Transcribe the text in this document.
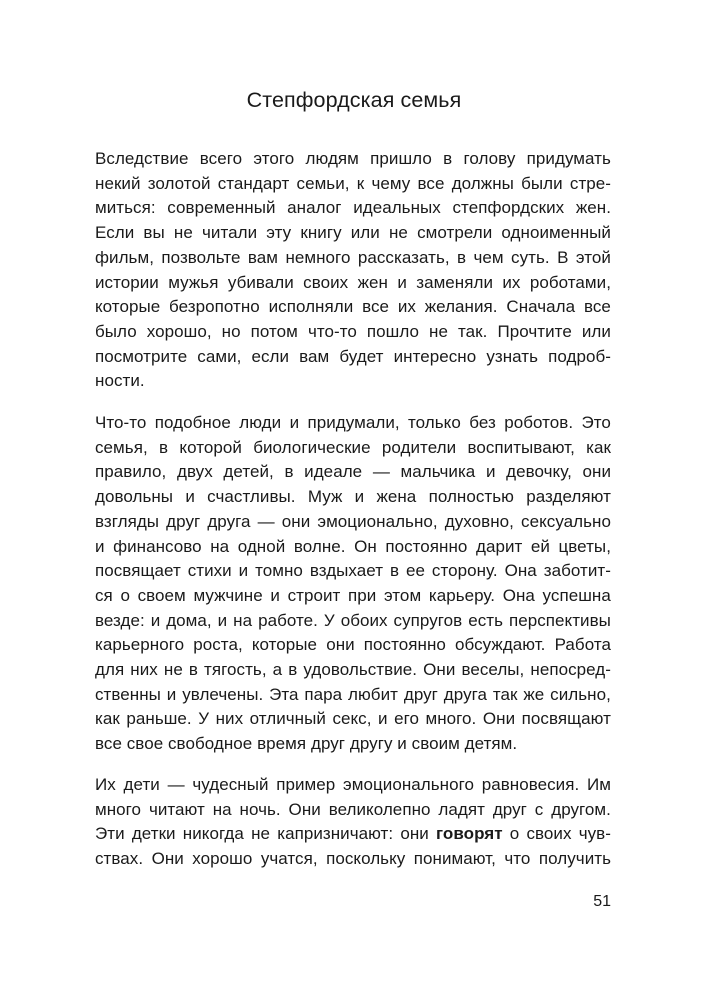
Степфордская семья
Вследствие всего этого людям пришло в голову придумать
некий золотой стандарт семьи, к чему все должны были стре-
миться: современный аналог идеальных степфордских жен.
Если вы не читали эту книгу или не смотрели одноименный
фильм, позвольте вам немного рассказать, в чем суть. В этой
истории мужья убивали своих жен и заменяли их роботами,
которые безропотно исполняли все их желания. Сначала все
было хорошо, но потом что-то пошло не так. Прочтите или
посмотрите сами, если вам будет интересно узнать подроб-
ности.
Что-то подобное люди и придумали, только без роботов. Это
семья, в которой биологические родители воспитывают, как
правило, двух детей, в идеале — мальчика и девочку, они
довольны и счастливы. Муж и жена полностью разделяют
взгляды друг друга — они эмоционально, духовно, сексуально
и финансово на одной волне. Он постоянно дарит ей цветы,
посвящает стихи и томно вздыхает в ее сторону. Она заботит-
ся о своем мужчине и строит при этом карьеру. Она успешна
везде: и дома, и на работе. У обоих супругов есть перспективы
карьерного роста, которые они постоянно обсуждают. Работа
для них не в тягость, а в удовольствие. Они веселы, непосред-
ственны и увлечены. Эта пара любит друг друга так же сильно,
как раньше. У них отличный секс, и его много. Они посвящают
все свое свободное время друг другу и своим детям.
Их дети — чудесный пример эмоционального равновесия. Им
много читают на ночь. Они великолепно ладят друг с другом.
Эти детки никогда не капризничают: они говорят о своих чув-
ствах. Они хорошо учатся, поскольку понимают, что получить
51
